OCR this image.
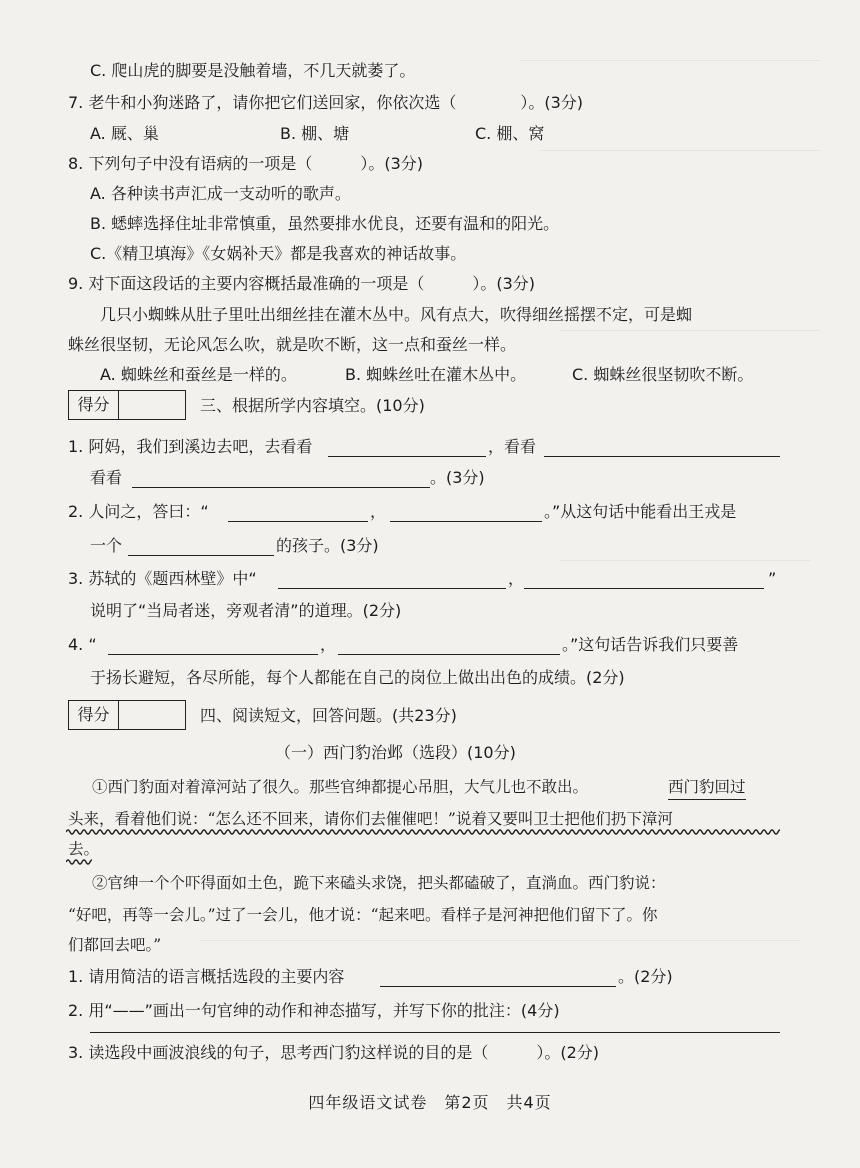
C. 爬山虎的脚要是没触着墙，不几天就萎了。
7. 老牛和小狗迷路了，请你把它们送回家，你依次选（　　　　）。(3分)
A. 厩、巢	B. 棚、塘	C. 棚、窝
8. 下列句子中没有语病的一项是（　　　）。(3分)
A. 各种读书声汇成一支动听的歌声。
B. 蟋蟀选择住址非常慎重，虽然要排水优良，还要有温和的阳光。
C.《精卫填海》《女娲补天》都是我喜欢的神话故事。
9. 对下面这段话的主要内容概括最准确的一项是（　　　）。(3分)
几只小蜘蛛从肚子里吐出细丝挂在灌木丛中。风有点大，吹得细丝摇摆不定，可是蜘
蛛丝很坚韧，无论风怎么吹，就是吹不断，这一点和蚕丝一样。
A. 蜘蛛丝和蚕丝是一样的。	B. 蜘蛛丝吐在灌木丛中。	C. 蜘蛛丝很坚韧吹不断。
得分	三、根据所学内容填空。(10分)
1. 阿妈，我们到溪边去吧，去看看	，看看
看看	。(3分)
2. 人问之，答曰：“	，	。”从这句话中能看出王戎是
一个	的孩子。(3分)
3. 苏轼的《题西林壁》中“	，	”
说明了“当局者迷，旁观者清”的道理。(2分)
4. “	，	。”这句话告诉我们只要善
于扬长避短，各尽所能，每个人都能在自己的岗位上做出出色的成绩。(2分)
得分	四、阅读短文，回答问题。(共23分)
（一）西门豹治邺（选段）(10分)
①西门豹面对着漳河站了很久。那些官绅都提心吊胆，大气儿也不敢出。	西门豹回过
头来，看着他们说：“怎么还不回来，请你们去催催吧！”说着又要叫卫士把他们扔下漳河
去。
②官绅一个个吓得面如土色，跪下来磕头求饶，把头都磕破了，直淌血。西门豹说：
“好吧，再等一会儿。”过了一会儿，他才说：“起来吧。看样子是河神把他们留下了。你
们都回去吧。”
1. 请用简洁的语言概括选段的主要内容	。(2分)
2. 用“——”画出一句官绅的动作和神态描写，并写下你的批注：(4分)
3. 读选段中画波浪线的句子，思考西门豹这样说的目的是（　　　）。(2分)
四年级语文试卷　第2页　共4页
